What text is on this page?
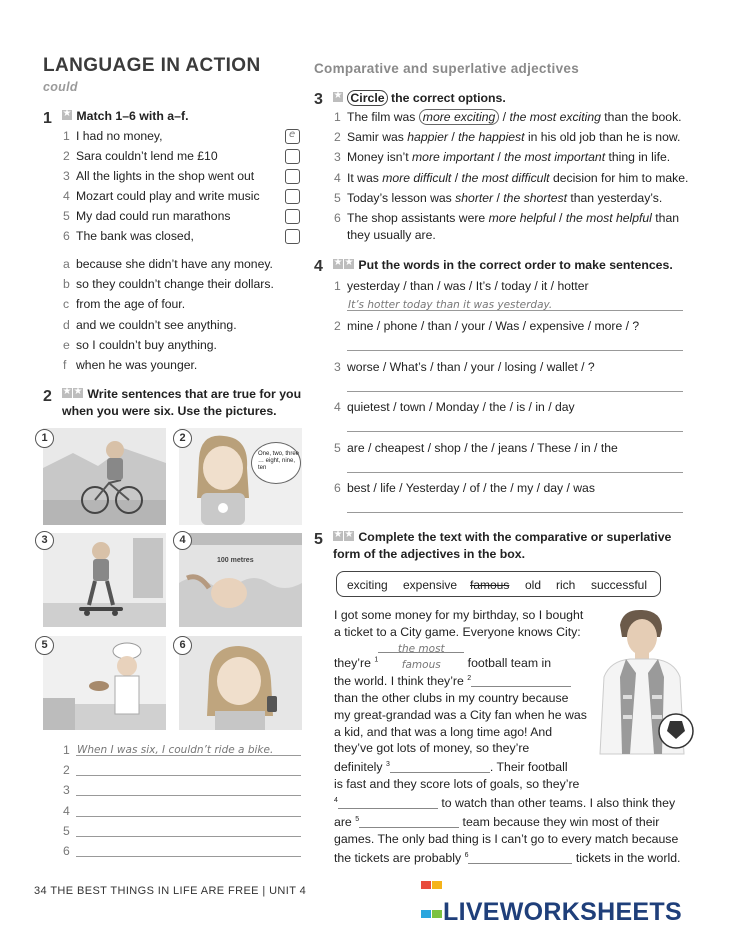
LANGUAGE IN ACTION
could
Comparative and superlative adjectives
1 ★	Match 1–6 with a–f.
1 I had no money,	e
2 Sara couldn’t lend me £10
3 All the lights in the shop went out
4 Mozart could play and write music
5 My dad could run marathons
6 The bank was closed,
a because she didn’t have any money.
b so they couldn’t change their dollars.
c from the age of four.
d and we couldn’t see anything.
e so I couldn’t buy anything.
f when he was younger.
2 ★ ★	Write sentences that are true for you
when you were six. Use the pictures.
1
One, two, three … eight, nine, ten
2
3
100 metres
4
5	6
1 When I was six, I couldn’t ride a bike.
2
3
4
5
6
3 ★	Circle the correct options.
1 The film was more exciting / the most exciting than the book.
2 Samir was happier / the happiest in his old job than he is now.
3 Money isn’t more important / the most important thing in life.
4 It was more difficult / the most difficult decision for him to make.
5 Today’s lesson was shorter / the shortest than yesterday’s.
6 The shop assistants were more helpful / the most helpful than
they usually are.
4 ★ ★	Put the words in the correct order to make sentences.
1 yesterday / than / was / It’s / today / it / hotter
It’s hotter today than it was yesterday.
2 mine / phone / than / your / Was / expensive / more / ?
3 worse / What’s / than / your / losing / wallet / ?
4 quietest / town / Monday / the / is / in / day
5 are / cheapest / shop / the / jeans / These / in / the
6 best / life / Yesterday / of / the / my / day / was
5 ★ ★	Complete the text with the comparative or superlative
form of the adjectives in the box.
exciting expensive famous old rich successful
I got some money for my birthday, so I bought
a ticket to a City game. Everyone knows City:
they’re $^1$the most famous football team in
the world. I think they’re $^2$
than the other clubs in my country because
my great-grandad was a City fan when he was
a kid, and that was a long time ago! And
they’ve got lots of money, so they’re
definitely $^3$	. Their football
is fast and they score lots of goals, so they’re
$^4$	to watch than other teams. I also think they
are $^5$	team because they win most of their
games. The only bad thing is I can’t go to every match because
the tickets are probably $^6$	tickets in the world.
34 THE BEST THINGS IN LIFE ARE FREE | UNIT 4

LIVEWORKSHEETS
